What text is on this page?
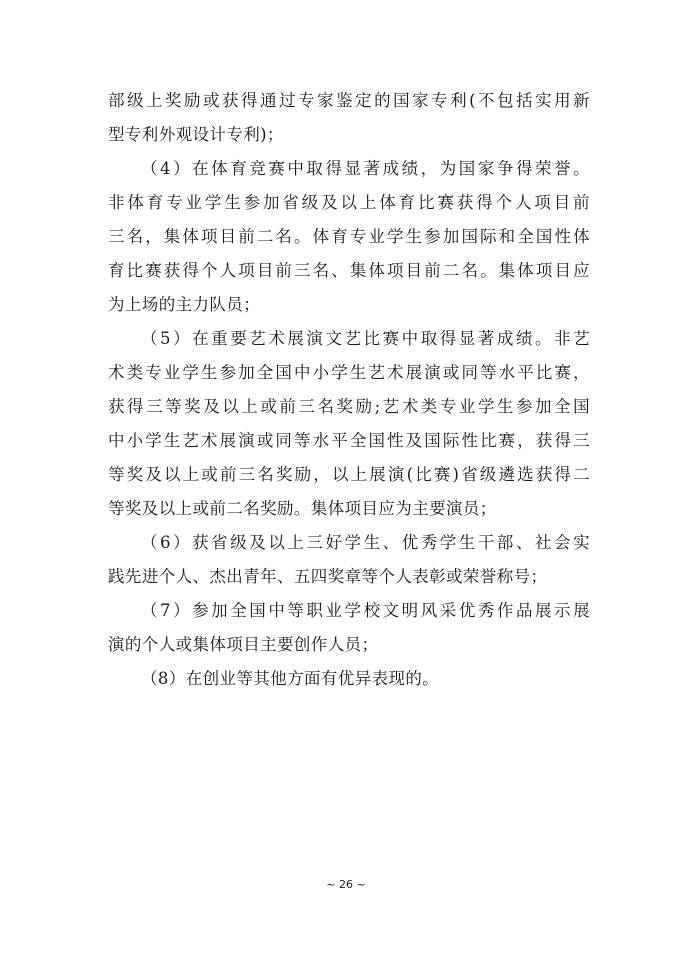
部级上奖励或获得通过专家鉴定的国家专利(不包括实用新
型专利外观设计专利)；
（4）在体育竞赛中取得显著成绩，为国家争得荣誉。
非体育专业学生参加省级及以上体育比赛获得个人项目前
三名，集体项目前二名。体育专业学生参加国际和全国性体
育比赛获得个人项目前三名、集体项目前二名。集体项目应
为上场的主力队员；
（5）在重要艺术展演文艺比赛中取得显著成绩。非艺
术类专业学生参加全国中小学生艺术展演或同等水平比赛，
获得三等奖及以上或前三名奖励;艺术类专业学生参加全国
中小学生艺术展演或同等水平全国性及国际性比赛，获得三
等奖及以上或前三名奖励，以上展演(比赛)省级遴选获得二
等奖及以上或前二名奖励。集体项目应为主要演员；
（6）获省级及以上三好学生、优秀学生干部、社会实
践先进个人、杰出青年、五四奖章等个人表彰或荣誉称号；
（7）参加全国中等职业学校文明风采优秀作品展示展
演的个人或集体项目主要创作人员；
（8）在创业等其他方面有优异表现的。
~ 26 ~
